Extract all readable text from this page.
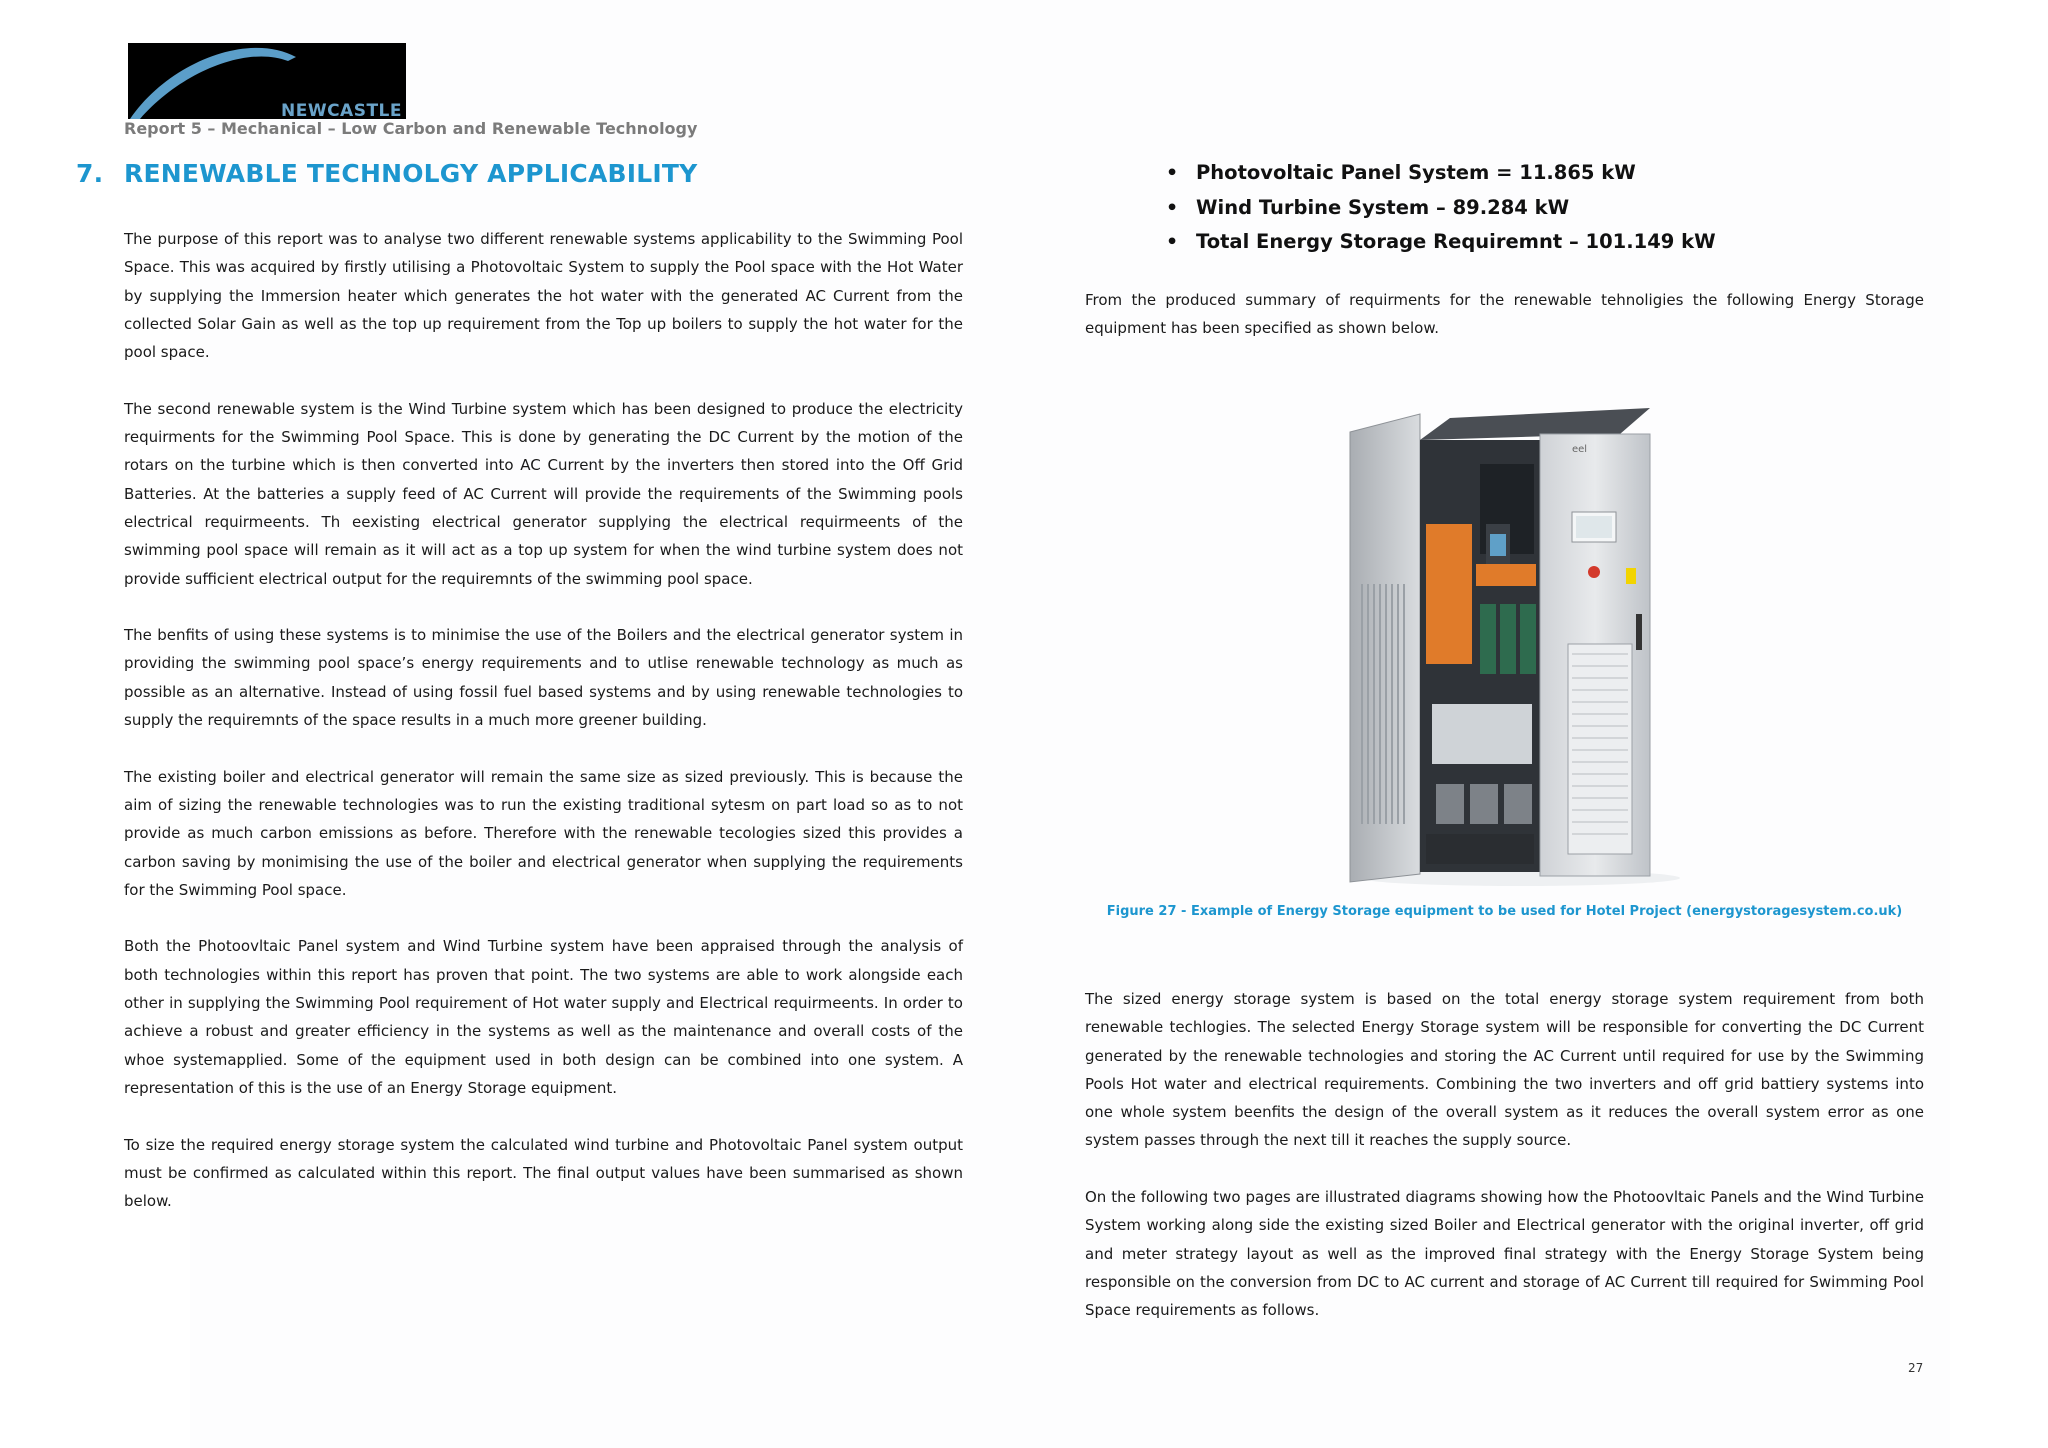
NEWCASTLE
Report 5 – Mechanical – Low Carbon and Renewable Technology
7. RENEWABLE TECHNOLGY APPLICABILITY

The purpose of this report was to analyse two different renewable systems applicability to the Swimming Pool Space. This was acquired by firstly utilising a Photovoltaic System to supply the Pool space with the Hot Water by supplying the Immersion heater which generates the hot water with the generated AC Current from the collected Solar Gain as well as the top up requirement from the Top up boilers to supply the hot water for the pool space.

The second renewable system is the Wind Turbine system which has been designed to produce the electricity requirments for the Swimming Pool Space. This is done by generating the DC Current by the motion of the rotars on the turbine which is then converted into AC Current by the inverters then stored into the Off Grid Batteries. At the batteries a supply feed of AC Current will provide the requirements of the Swimming pools electrical requirmeents. Th eexisting electrical generator supplying the electrical requirmeents of the swimming pool space will remain as it will act as a top up system for when the wind turbine system does not provide sufficient electrical output for the requiremnts of the swimming pool space.

The benfits of using these systems is to minimise the use of the Boilers and the electrical generator system in providing the swimming pool space’s energy requirements and to utlise renewable technology as much as possible as an alternative. Instead of using fossil fuel based systems and by using renewable technologies to supply the requiremnts of the space results in a much more greener building.

The existing boiler and electrical generator will remain the same size as sized previously. This is because the aim of sizing the renewable technologies was to run the existing traditional sytesm on part load so as to not provide as much carbon emissions as before. Therefore with the renewable tecologies sized this provides a carbon saving by monimising the use of the boiler and electrical generator when supplying the requirements for the Swimming Pool space.

Both the Photoovltaic Panel system and Wind Turbine system have been appraised through the analysis of both technologies within this report has proven that point. The two systems are able to work alongside each other in supplying the Swimming Pool requirement of Hot water supply and Electrical requirmeents. In order to achieve a robust and greater efficiency in the systems as well as the maintenance and overall costs of the whoe systemapplied. Some of the equipment used in both design can be combined into one system. A representation of this is the use of an Energy Storage equipment.

To size the required energy storage system the calculated wind turbine and Photovoltaic Panel system output must be confirmed as calculated within this report. The final output values have been summarised as shown below.

• Photovoltaic Panel System = 11.865 kW
• Wind Turbine System – 89.284 kW
• Total Energy Storage Requiremnt – 101.149 kW

From the produced summary of requirments for the renewable tehnoligies the following Energy Storage equipment has been specified as shown below.

eel
Figure 27 - Example of Energy Storage equipment to be used for Hotel Project (energystoragesystem.co.uk)

The sized energy storage system is based on the total energy storage system requirement from both renewable techlogies. The selected Energy Storage system will be responsible for converting the DC Current generated by the renewable technologies and storing the AC Current until required for use by the Swimming Pools Hot water and electrical requirements. Combining the two inverters and off grid battiery systems into one whole system beenfits the design of the overall system as it reduces the overall system error as one system passes through the next till it reaches the supply source.

On the following two pages are illustrated diagrams showing how the Photoovltaic Panels and the Wind Turbine System working along side the existing sized Boiler and Electrical generator with the original inverter, off grid and meter strategy layout as well as the improved final strategy with the Energy Storage System being responsible on the conversion from DC to AC current and storage of AC Current till required for Swimming Pool Space requirements as follows.

27
